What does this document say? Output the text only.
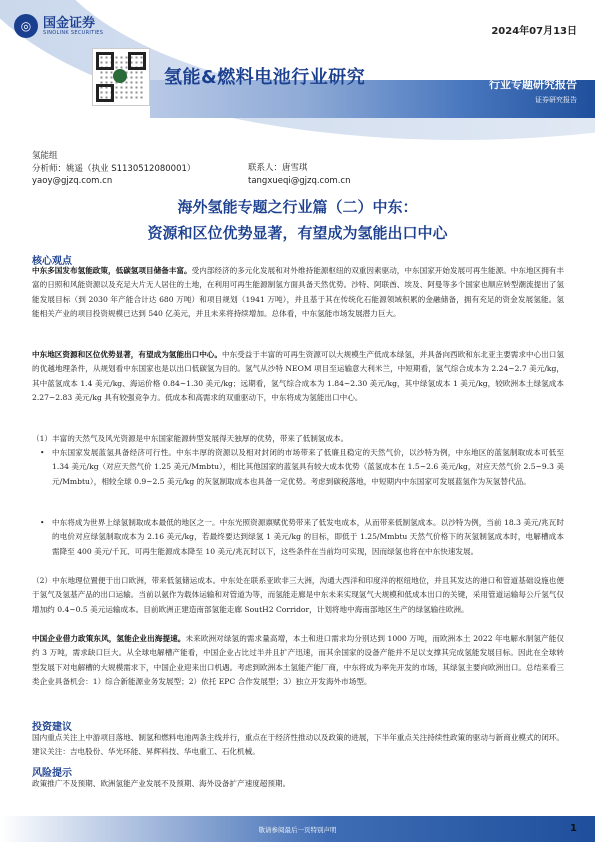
◎ 国金证券
SINOLINK SECURITIES	2024年07月13日
氢能&燃料电池行业研究
买入（维持评级）
行业专题研究报告
证券研究报告
氢能组
分析师：姚遥（执业 S1130512080001）
yaoy@gjzq.com.cn
联系人：唐雪琪
tangxueqi@gjzq.com.cn
海外氢能专题之行业篇（二）中东：
资源和区位优势显著，有望成为氢能出口中心
核心观点
中东多国发布氢能政策，低碳氢项目储备丰富。受内部经济的多元化发展和对外维持能源枢纽的双重因素驱动，中东国家开始发展可再生能源。中东地区拥有丰富的日照和风能资源以及充足大片无人居住的土地，在利用可再生能源制氢方面具备天然优势。沙特、阿联酋、埃及、阿曼等多个国家也顺应转型潮流提出了氢能发展目标（到 2030 年产能合计达 680 万吨）和项目规划（1941 万吨），并且基于其在传统化石能源领域积累的金融储备，拥有充足的资金发展氢能。氢能相关产业的项目投资规模已达到 540 亿美元，并且未来将持续增加。总体看，中东氢能市场发展潜力巨大。
中东地区资源和区位优势显著，有望成为氢能出口中心。中东受益于丰富的可再生资源可以大规模生产低成本绿氢，并具备向西欧和东北亚主要需求中心出口氢的优越地理条件，从规划看中东国家也是以出口低碳氢为目的。氢气从沙特 NEOM 项目至运输意大利米兰，中短期看，氢气综合成本为 2.24~2.7 美元/kg，其中蓝氢成本 1.4 美元/kg、海运价格 0.84~1.30 美元/kg；远期看，氢气综合成本为 1.84~2.30 美元/kg，其中绿氢成本 1 美元/kg，较欧洲本土绿氢成本 2.27~2.83 美元/kg 具有较强竞争力。低成本和高需求的双重驱动下，中东将成为氢能出口中心。
（1）丰富的天然气及风光资源是中东国家能源转型发展得天独厚的优势，带来了低制氢成本。
• 中东国家发展蓝氢具备经济可行性。中东丰厚的资源以及相对封闭的市场带来了低廉且稳定的天然气价，以沙特为例，中东地区的蓝氢制取成本可低至 1.34 美元/kg（对应天然气价 1.25 美元/Mmbtu），相比其他国家的蓝氢具有较大成本优势（蓝氢成本在 1.5~2.6 美元/kg，对应天然气价 2.5~9.3 美元/Mmbtu），相较全球 0.9~2.5 美元/kg 的灰氢制取成本也具备一定优势。考虑到碳税落地，中短期内中东国家可发展蓝氢作为灰氢替代品。
• 中东将成为世界上绿氢制取成本最低的地区之一。中东光照资源禀赋优势带来了低发电成本，从而带来低制氢成本。以沙特为例，当前 18.3 美元/兆瓦时的电价对应绿氢制取成本为 2.16 美元/kg，若最终要达到绿氢 1 美元/kg 的目标，即低于 1.25/Mmbtu 天然气价格下的灰氢制氢成本时，电解槽成本需降至 400 美元/千瓦、可再生能源成本降至 10 美元/兆瓦时以下，这些条件在当前均可实现，因而绿氢也将在中东快速发展。
（2）中东地理位置便于出口欧洲，带来低氢储运成本。中东处在联系亚欧非三大洲，沟通大西洋和印度洋的枢纽地位，并且其发达的港口和管道基础设施也便于氢气及氢基产品的出口运输。当前以氨作为载体运输和对管道为等，而氢能走廊是中东未来实现氢气大规模和低成本出口的关键，采用管道运输每公斤氢气仅增加约 0.4~0.5 美元运输成本。目前欧洲正建造南部氢能走廊 SoutH2 Corridor，计划将地中海南部地区生产的绿氢输往欧洲。
中国企业借力政策东风，氢能企业出海提速。未来欧洲对绿氢的需求量高增，本土和进口需求均分别达到 1000 万吨，而欧洲本土 2022 年电解水制氢产能仅约 3 万吨，需求缺口巨大。从全球电解槽产能看，中国企业占比过半并且扩产迅速，而其余国家的设备产能并不足以支撑其完成氢能发展目标。因此在全球转型发展下对电解槽的大规模需求下，中国企业迎来出口机遇。考虑到欧洲本土氢能产能厂商，中东将成为率先开发的市场，其绿氢主要向欧洲出口。总结来看三类企业具备机会：1）综合新能源业务发展型；2）依托 EPC 合作发展型；3）独立开发海外市场型。
投资建议
国内重点关注上中游项目落地、制氢和燃料电池两条主线并行，重点在于经济性推动以及政策的进展，下半年重点关注持续性政策的驱动与新商业模式的闭环。建议关注：吉电股份、华光环能、昇辉科技、华电重工、石化机械。
风险提示
政策推广不及预期、欧洲氢能产业发展不及预期、海外设备扩产速度超预期。
敬请参阅最后一页特别声明	1
